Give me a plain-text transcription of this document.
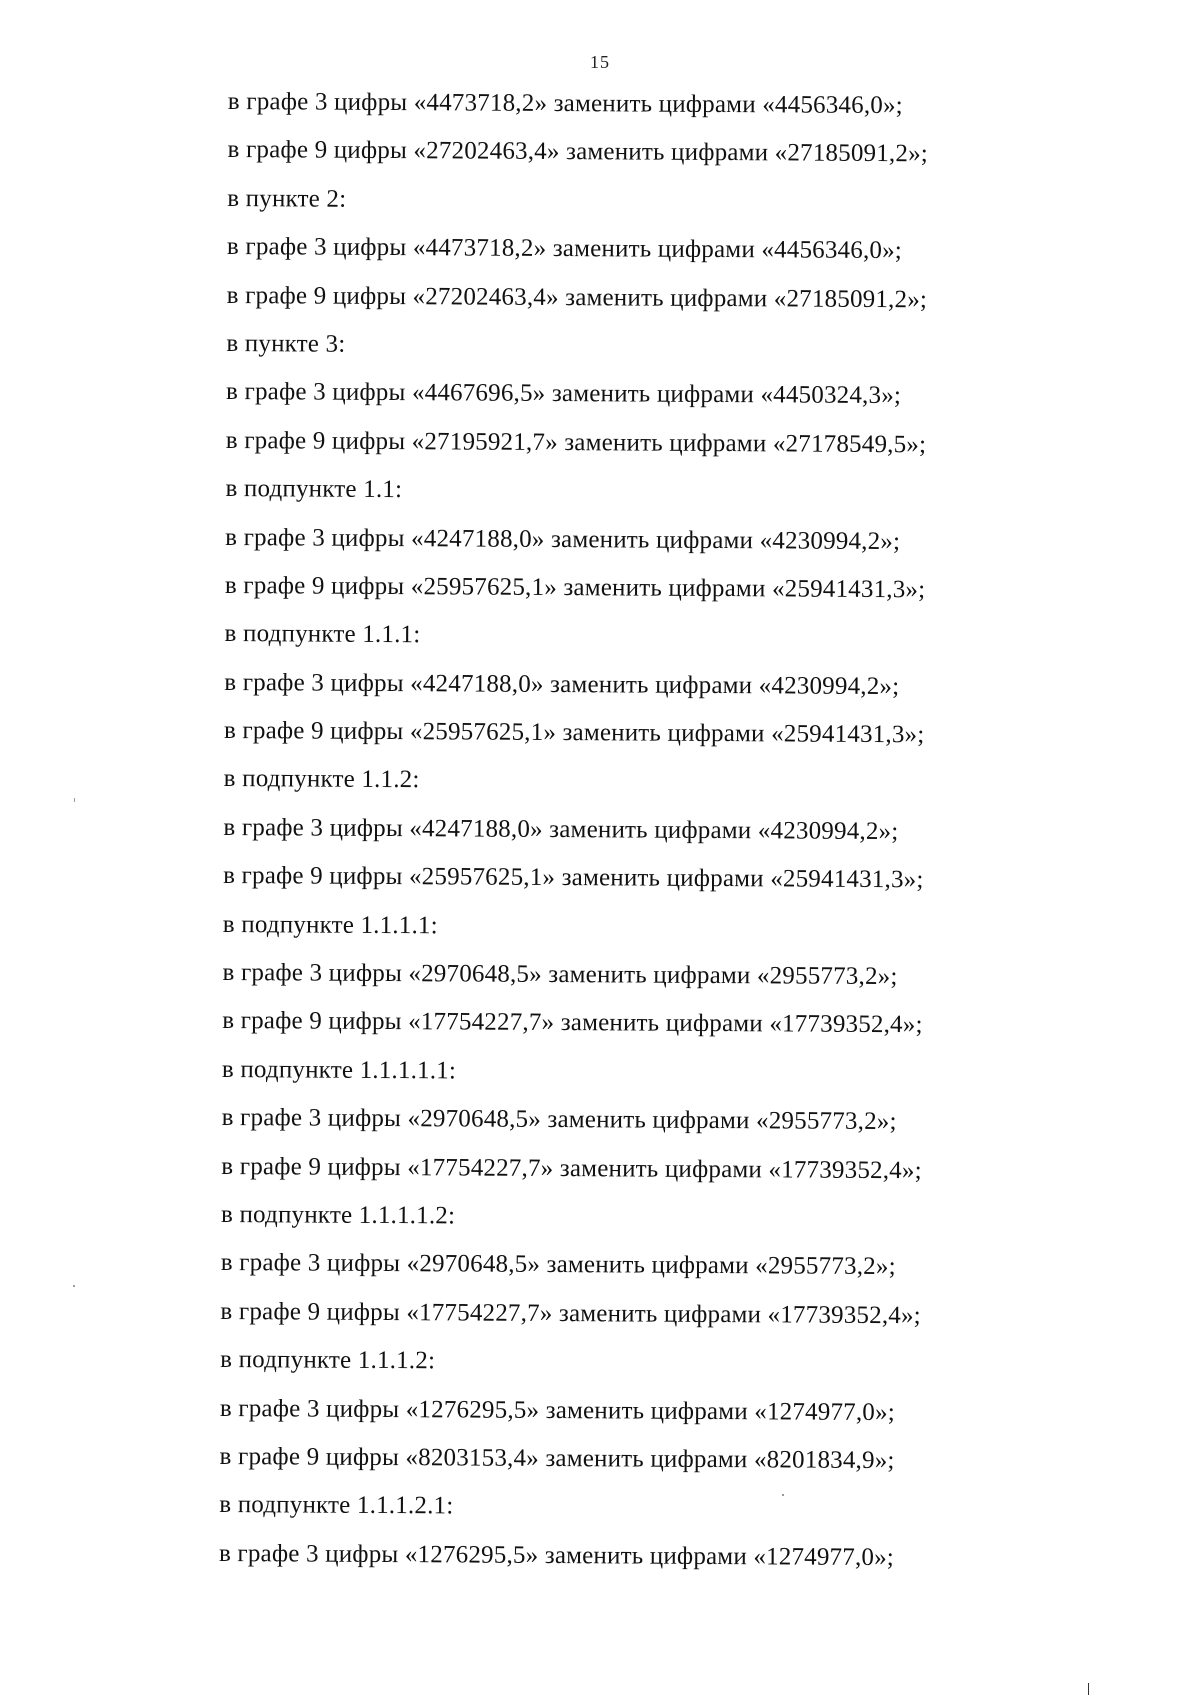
15
в графе 3 цифры «4473718,2» заменить цифрами «4456346,0»;
в графе 9 цифры «27202463,4» заменить цифрами «27185091,2»;
в пункте 2:
в графе 3 цифры «4473718,2» заменить цифрами «4456346,0»;
в графе 9 цифры «27202463,4» заменить цифрами «27185091,2»;
в пункте 3:
в графе 3 цифры «4467696,5» заменить цифрами «4450324,3»;
в графе 9 цифры «27195921,7» заменить цифрами «27178549,5»;
в подпункте 1.1:
в графе 3 цифры «4247188,0» заменить цифрами «4230994,2»;
в графе 9 цифры «25957625,1» заменить цифрами «25941431,3»;
в подпункте 1.1.1:
в графе 3 цифры «4247188,0» заменить цифрами «4230994,2»;
в графе 9 цифры «25957625,1» заменить цифрами «25941431,3»;
в подпункте 1.1.2:
в графе 3 цифры «4247188,0» заменить цифрами «4230994,2»;
в графе 9 цифры «25957625,1» заменить цифрами «25941431,3»;
в подпункте 1.1.1.1:
в графе 3 цифры «2970648,5» заменить цифрами «2955773,2»;
в графе 9 цифры «17754227,7» заменить цифрами «17739352,4»;
в подпункте 1.1.1.1.1:
в графе 3 цифры «2970648,5» заменить цифрами «2955773,2»;
в графе 9 цифры «17754227,7» заменить цифрами «17739352,4»;
в подпункте 1.1.1.1.2:
в графе 3 цифры «2970648,5» заменить цифрами «2955773,2»;
в графе 9 цифры «17754227,7» заменить цифрами «17739352,4»;
в подпункте 1.1.1.2:
в графе 3 цифры «1276295,5» заменить цифрами «1274977,0»;
в графе 9 цифры «8203153,4» заменить цифрами «8201834,9»;
в подпункте 1.1.1.2.1:
в графе 3 цифры «1276295,5» заменить цифрами «1274977,0»;
